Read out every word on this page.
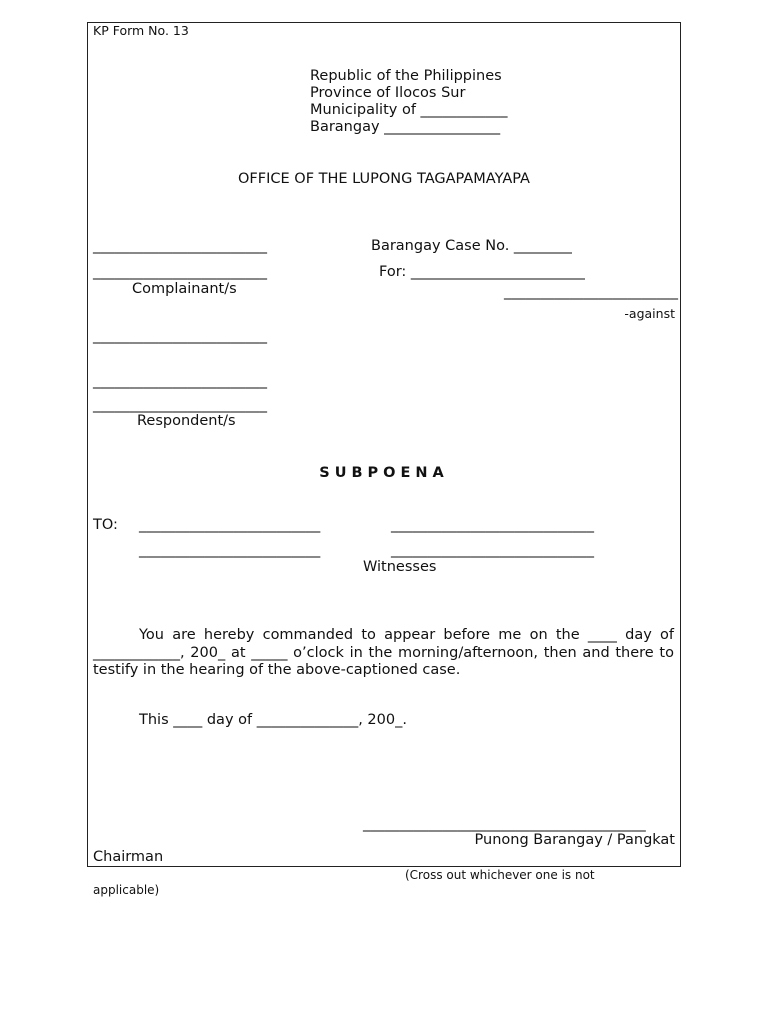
KP Form No. 13
Republic of the Philippines
Province of Ilocos Sur
Municipality of ____________
Barangay ________________
OFFICE OF THE LUPONG TAGAPAMAYAPA
________________________	Barangay Case No. ________
________________________	For: ________________________
Complainant/s	________________________
-against
________________________
________________________
________________________
Respondent/s
SUBPOENA
TO: _________________________	____________________________
_________________________	____________________________
Witnesses
You are hereby commanded to appear before me on the ____ day of ____________, 200_ at _____ o’clock in the morning/afternoon, then and there to testify in the hearing of the above-captioned case.
This ____ day of ______________, 200_.
_______________________________________
Punong Barangay / Pangkat
Chairman
(Cross out whichever one is not
applicable)
